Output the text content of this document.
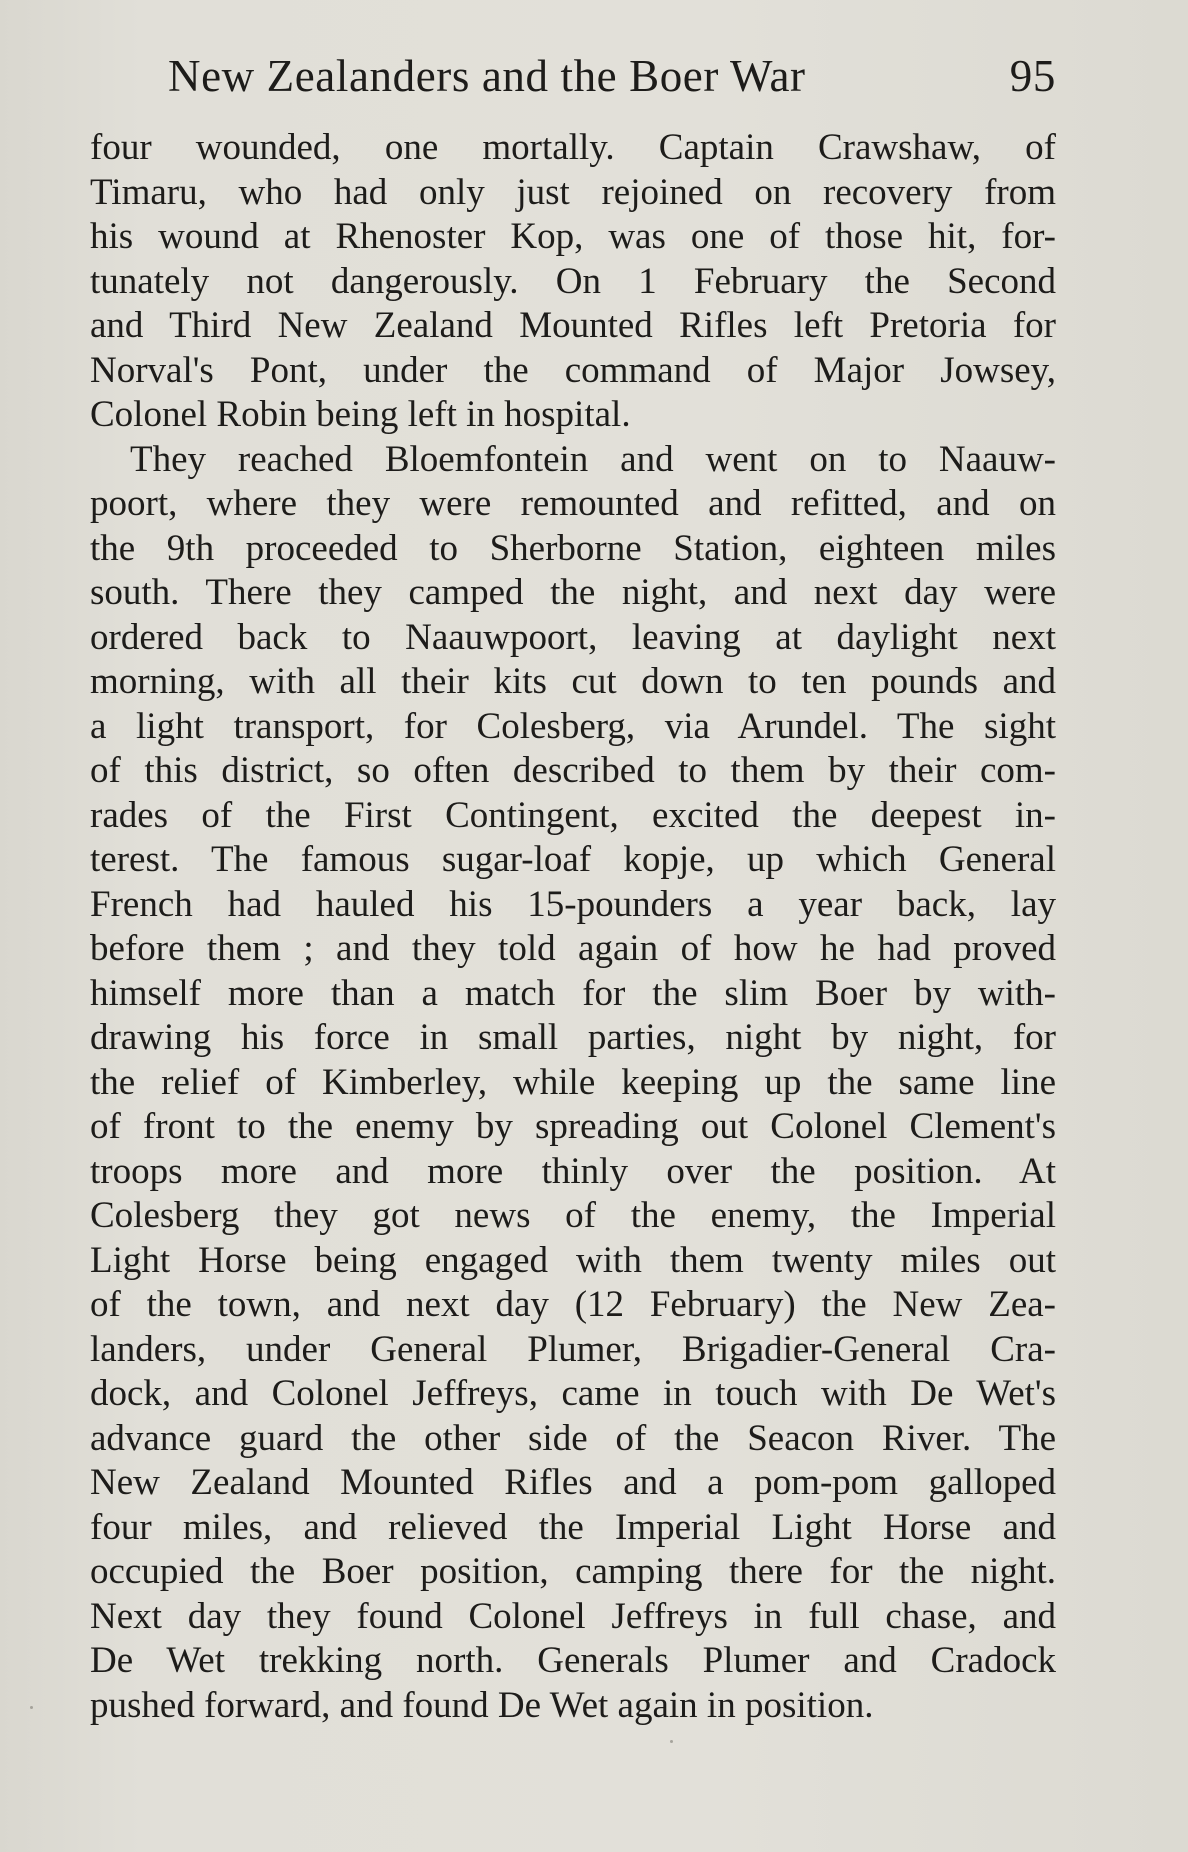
New Zealanders and the Boer War	95
four wounded, one mortally. Captain Crawshaw, of
Timaru, who had only just rejoined on recovery from
his wound at Rhenoster Kop, was one of those hit, for-
tunately not dangerously. On 1 February the Second
and Third New Zealand Mounted Rifles left Pretoria for
Norval's Pont, under the command of Major Jowsey,
Colonel Robin being left in hospital.
They reached Bloemfontein and went on to Naauw-
poort, where they were remounted and refitted, and on
the 9th proceeded to Sherborne Station, eighteen miles
south. There they camped the night, and next day were
ordered back to Naauwpoort, leaving at daylight next
morning, with all their kits cut down to ten pounds and
a light transport, for Colesberg, via Arundel. The sight
of this district, so often described to them by their com-
rades of the First Contingent, excited the deepest in-
terest. The famous sugar-loaf kopje, up which General
French had hauled his 15-pounders a year back, lay
before them ; and they told again of how he had proved
himself more than a match for the slim Boer by with-
drawing his force in small parties, night by night, for
the relief of Kimberley, while keeping up the same line
of front to the enemy by spreading out Colonel Clement's
troops more and more thinly over the position. At
Colesberg they got news of the enemy, the Imperial
Light Horse being engaged with them twenty miles out
of the town, and next day (12 February) the New Zea-
landers, under General Plumer, Brigadier-General Cra-
dock, and Colonel Jeffreys, came in touch with De Wet's
advance guard the other side of the Seacon River. The
New Zealand Mounted Rifles and a pom-pom galloped
four miles, and relieved the Imperial Light Horse and
occupied the Boer position, camping there for the night.
Next day they found Colonel Jeffreys in full chase, and
De Wet trekking north. Generals Plumer and Cradock
pushed forward, and found De Wet again in position.
